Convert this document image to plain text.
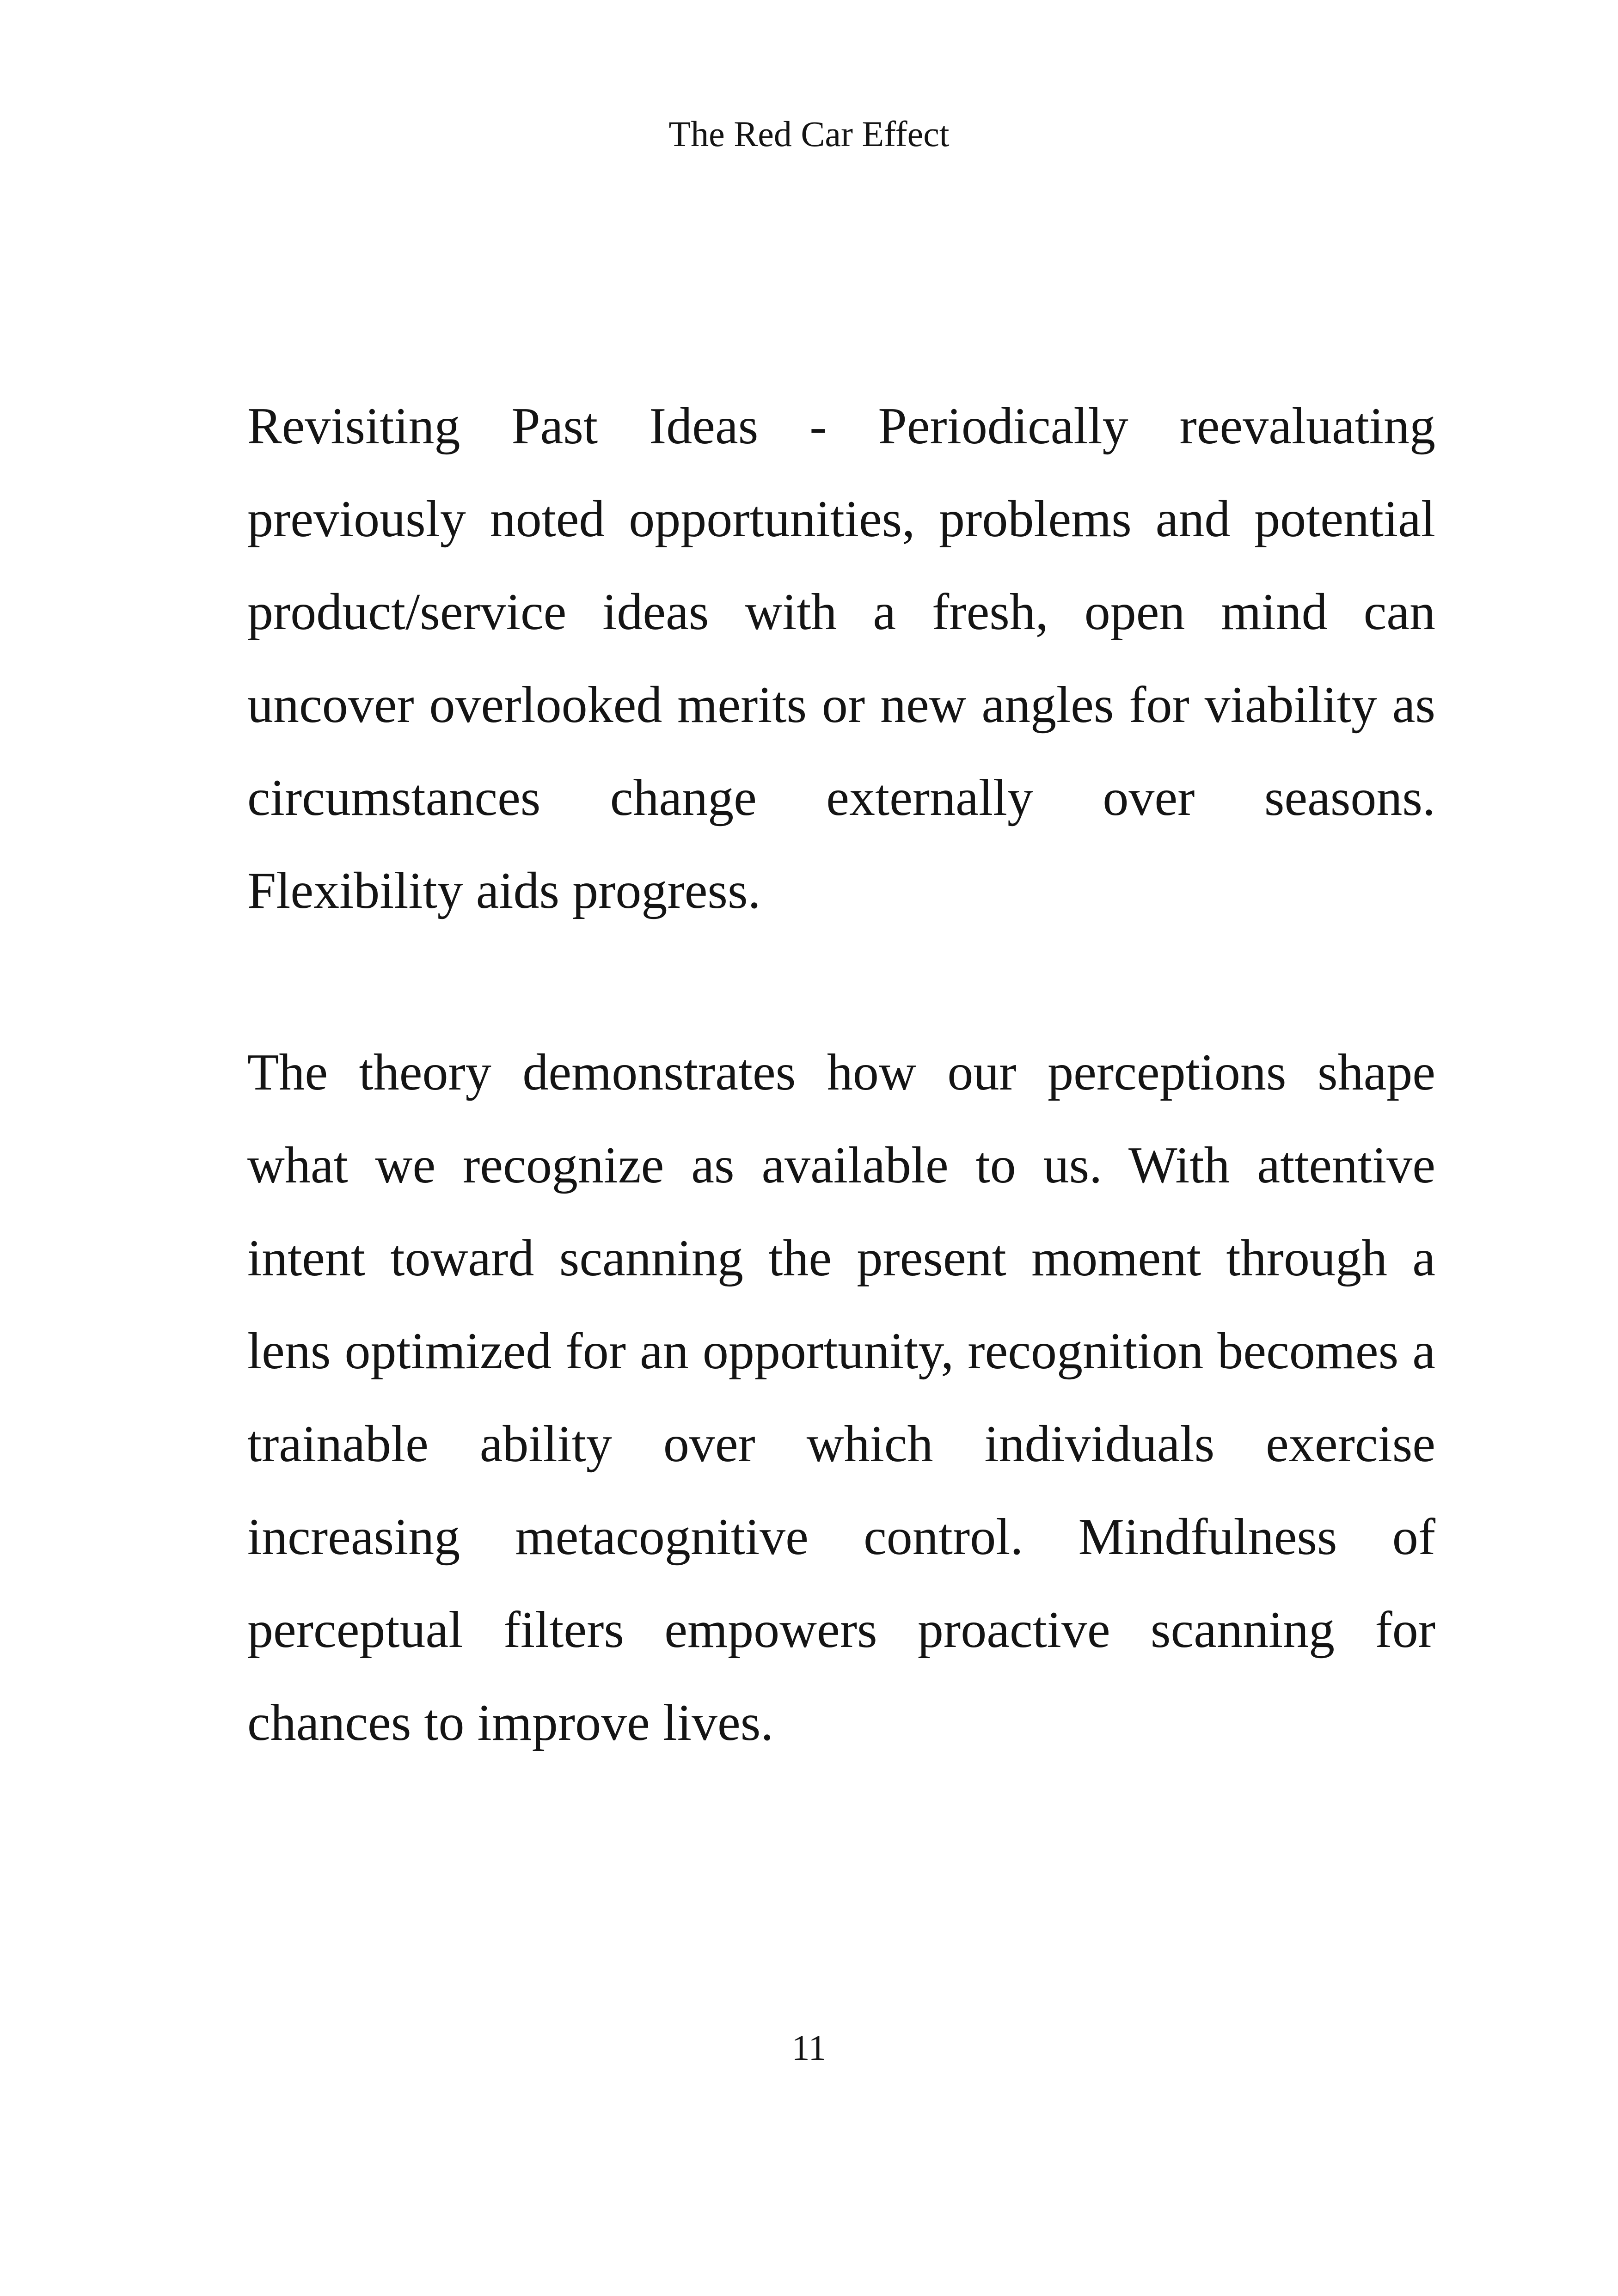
The Red Car Effect

Revisiting Past Ideas - Periodically reevaluating previously noted opportunities, problems and potential product/service ideas with a fresh, open mind can uncover overlooked merits or new angles for viability as circumstances change externally over seasons. Flexibility aids progress.

The theory demonstrates how our perceptions shape what we recognize as available to us. With attentive intent toward scanning the present moment through a lens optimized for an opportunity, recognition becomes a trainable ability over which individuals exercise increasing metacognitive control. Mindfulness of perceptual filters empowers proactive scanning for chances to improve lives.

11
